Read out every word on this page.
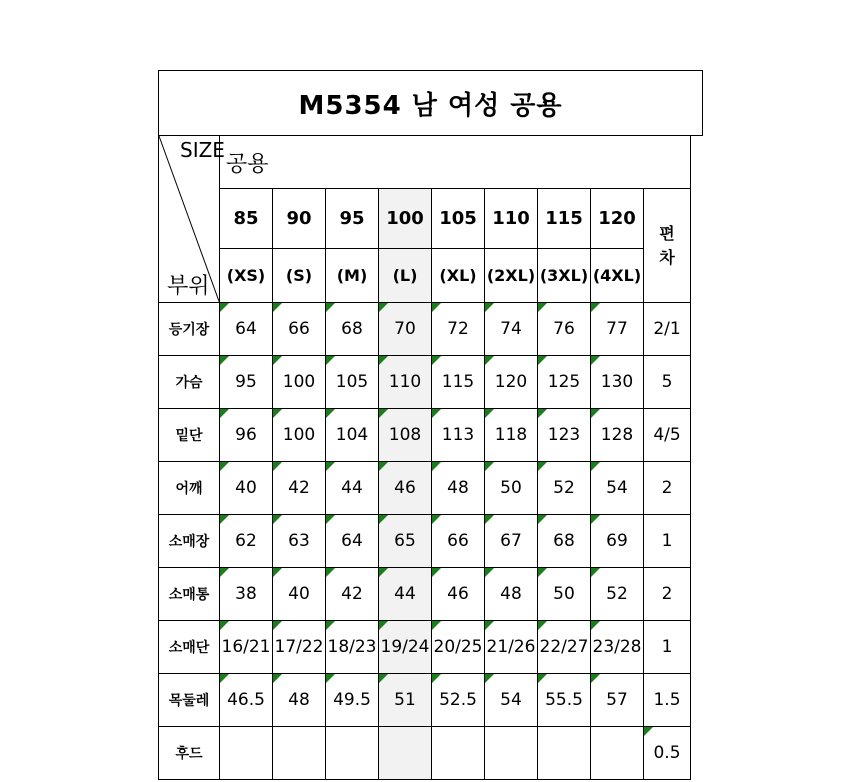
M5354 남 여성 공용
SIZE
부위	공용								
	85	90	95	100	105	110	115	120	편
차

	(XS)	(S)	(M)	(L)	(XL)	(2XL)	(3XL)	(4XL)	
등기장	64	66	68	70	72	74	76	77	2/1
가슴	95	100	105	110	115	120	125	130	5
밑단	96	100	104	108	113	118	123	128	4/5
어깨	40	42	44	46	48	50	52	54	2
소매장	62	63	64	65	66	67	68	69	1
소매통	38	40	42	44	46	48	50	52	2
소매단	16/21	17/22	18/23	19/24	20/25	21/26	22/27	23/28	1
목둘레	46.5	48	49.5	51	52.5	54	55.5	57	1.5
후드									0.5
